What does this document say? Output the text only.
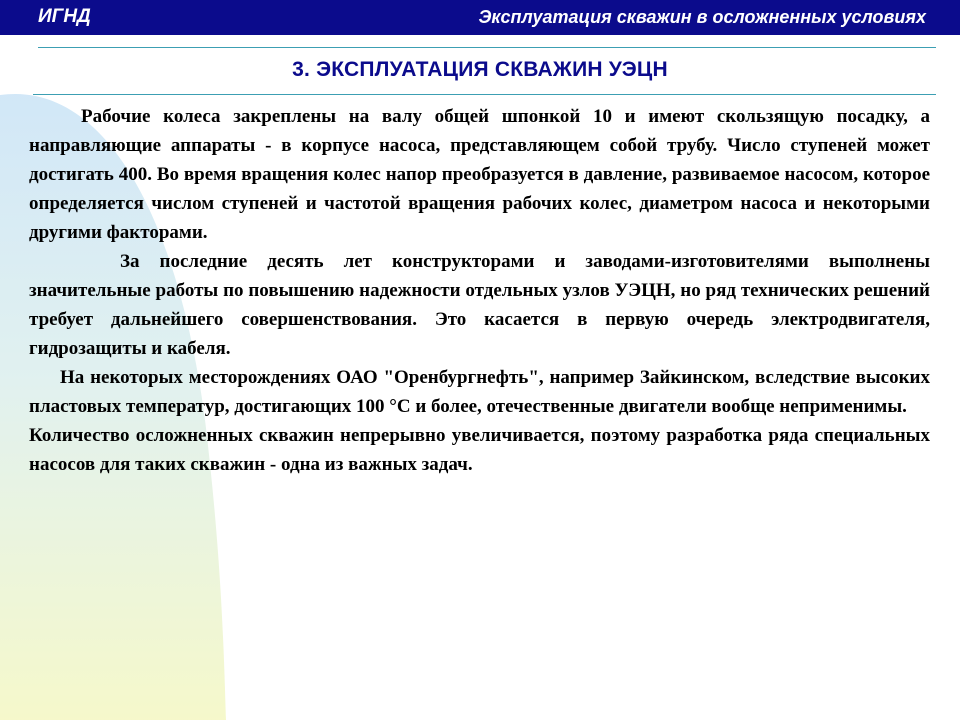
ИГНД	Эксплуатация скважин в осложненных условиях
3. ЭКСПЛУАТАЦИЯ СКВАЖИН УЭЦН

Рабочие колеса закреплены на валу общей шпонкой 10 и имеют скользящую посадку, а направляющие аппараты - в корпусе насоса, представляющем собой трубу. Число ступеней может достигать 400. Во время вращения колес напор преобразуется в давление, развиваемое насосом, которое определяется числом ступеней и частотой вращения рабочих колес, диаметром насоса и некоторыми другими факторами.

За последние десять лет конструкторами и заводами-изготовителями выполнены значительные работы по повышению надежности отдельных узлов УЭЦН, но ряд технических решений требует дальнейшего совершенствования. Это касается в первую очередь электродвигателя, гидрозащиты и кабеля.

На некоторых месторождениях ОАО "Оренбургнефть", например Зайкинском, вследствие высоких пластовых температур, достигающих 100 °С и более, отечественные двигатели вообще неприменимы.

Количество осложненных скважин непрерывно увеличивается, поэтому разработка ряда специальных насосов для таких скважин - одна из важных задач.
